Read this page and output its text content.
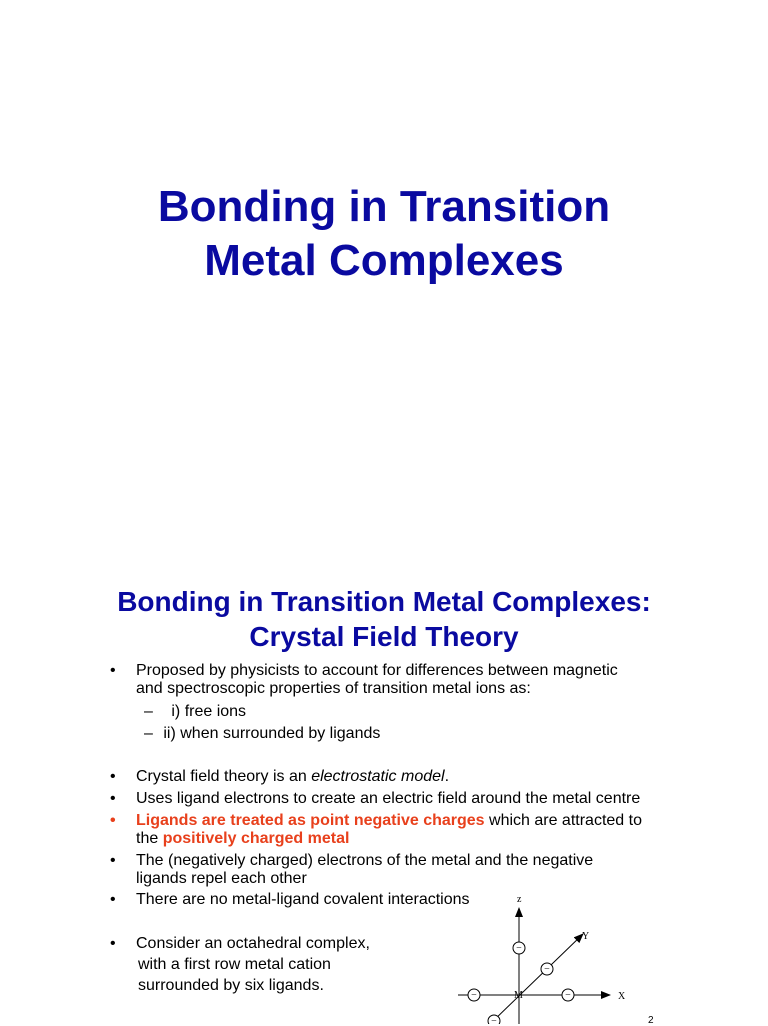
Bonding in Transition
Metal Complexes
Bonding in Transition Metal Complexes:
Crystal Field Theory
• Proposed by physicists to account for differences between magnetic
and spectroscopic properties of transition metal ions as:
– i) free ions
– ii) when surrounded by ligands
• Crystal field theory is an electrostatic model.
• Uses ligand electrons to create an electric field around the metal centre
• Ligands are treated as point negative charges which are attracted to
the positively charged metal
• The (negatively charged) electrons of the metal and the negative
ligands repel each other
• There are no metal-ligand covalent interactions
• Consider an octahedral complex,
with a first row metal cation
surrounded by six ligands.
z
Y
X
M
−
−
−	−
−	2
